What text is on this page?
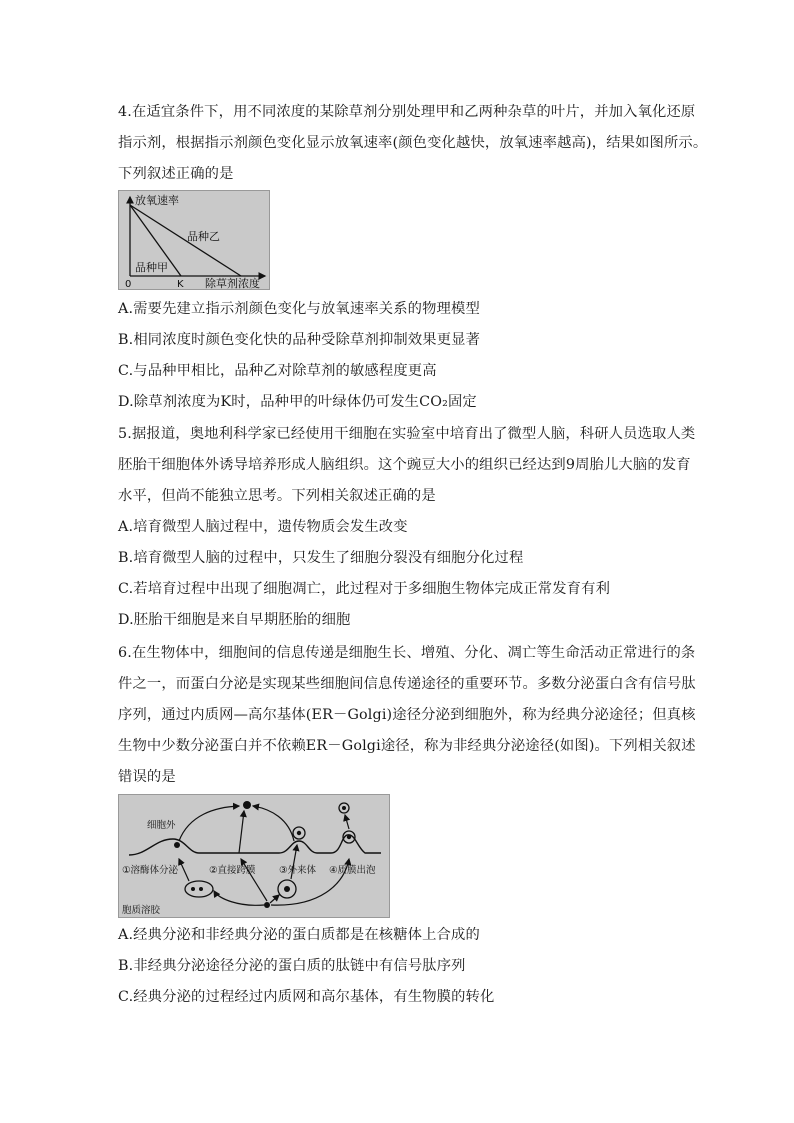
4.在适宜条件下，用不同浓度的某除草剂分别处理甲和乙两种杂草的叶片，并加入氧化还原
指示剂，根据指示剂颜色变化显示放氧速率(颜色变化越快，放氧速率越高)，结果如图所示。
下列叙述正确的是
放氧速率
品种乙
品种甲
0	K 除草剂浓度
A.需要先建立指示剂颜色变化与放氧速率关系的物理模型
B.相同浓度时颜色变化快的品种受除草剂抑制效果更显著
C.与品种甲相比，品种乙对除草剂的敏感程度更高
D.除草剂浓度为K时，品种甲的叶绿体仍可发生CO₂固定
5.据报道，奥地利科学家已经使用干细胞在实验室中培育出了微型人脑，科研人员选取人类
胚胎干细胞体外诱导培养形成人脑组织。这个豌豆大小的组织已经达到9周胎儿大脑的发育
水平，但尚不能独立思考。下列相关叙述正确的是
A.培育微型人脑过程中，遗传物质会发生改变
B.培育微型人脑的过程中，只发生了细胞分裂没有细胞分化过程
C.若培育过程中出现了细胞凋亡，此过程对于多细胞生物体完成正常发育有利
D.胚胎干细胞是来自早期胚胎的细胞
6.在生物体中，细胞间的信息传递是细胞生长、增殖、分化、凋亡等生命活动正常进行的条
件之一，而蛋白分泌是实现某些细胞间信息传递途径的重要环节。多数分泌蛋白含有信号肽
序列，通过内质网—高尔基体(ER－Golgi)途径分泌到细胞外，称为经典分泌途径；但真核
生物中少数分泌蛋白并不依赖ER－Golgi途径，称为非经典分泌途径(如图)。下列相关叙述
错误的是
细胞外
①溶酶体分泌	②直接跨膜 ③外来体 ④质膜出泡
胞质溶胶
A.经典分泌和非经典分泌的蛋白质都是在核糖体上合成的
B.非经典分泌途径分泌的蛋白质的肽链中有信号肽序列
C.经典分泌的过程经过内质网和高尔基体，有生物膜的转化
